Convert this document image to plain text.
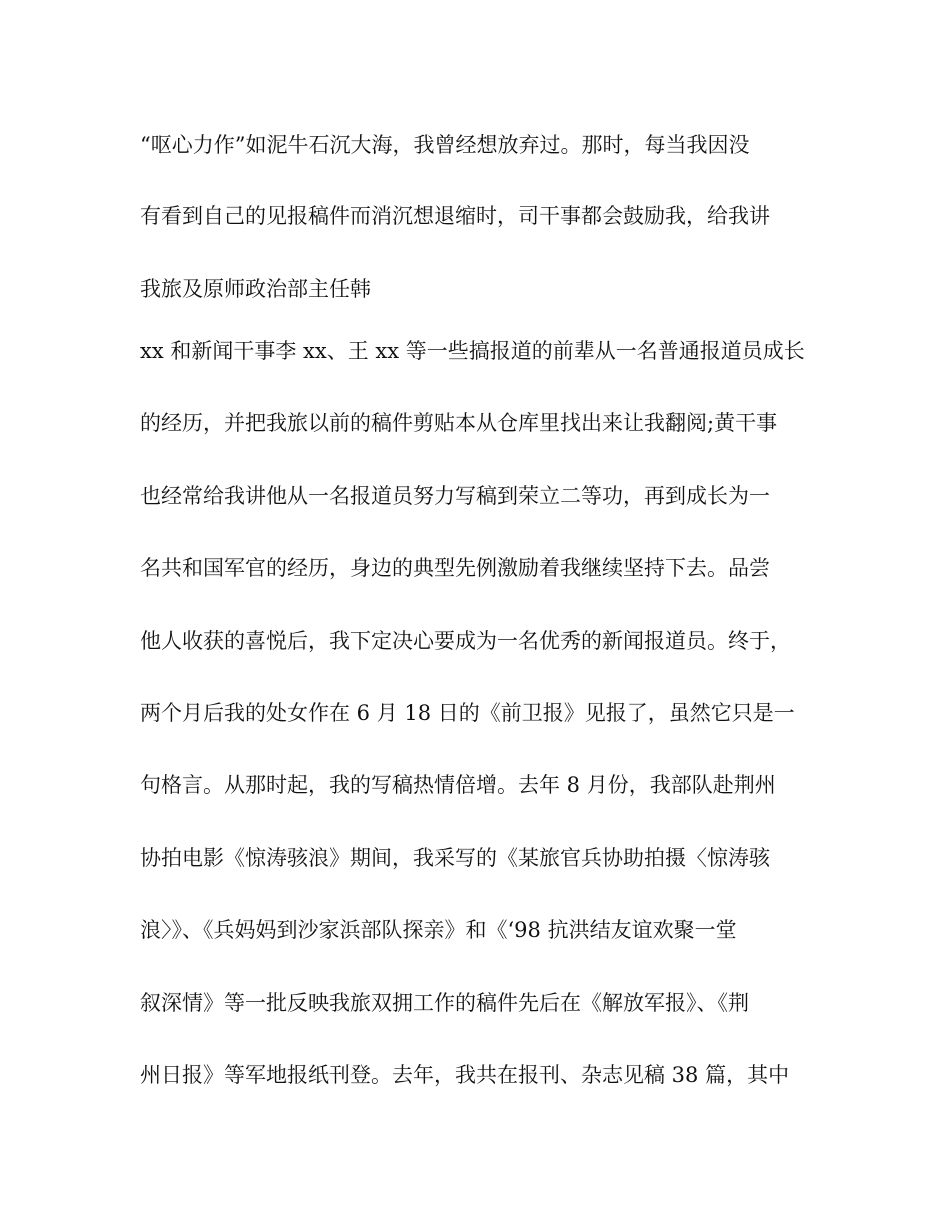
“呕心力作”如泥牛石沉大海，我曾经想放弃过。那时，每当我因没
有看到自己的见报稿件而消沉想退缩时，司干事都会鼓励我，给我讲
我旅及原师政治部主任韩
xx 和新闻干事李 xx、王 xx 等一些搞报道的前辈从一名普通报道员成长
的经历，并把我旅以前的稿件剪贴本从仓库里找出来让我翻阅;黄干事
也经常给我讲他从一名报道员努力写稿到荣立二等功，再到成长为一
名共和国军官的经历，身边的典型先例激励着我继续坚持下去。品尝
他人收获的喜悦后，我下定决心要成为一名优秀的新闻报道员。终于，
两个月后我的处女作在 6 月 18 日的《前卫报》见报了，虽然它只是一
句格言。从那时起，我的写稿热情倍增。去年 8 月份，我部队赴荆州
协拍电影《惊涛骇浪》期间，我采写的《某旅官兵协助拍摄〈惊涛骇
浪〉》、《兵妈妈到沙家浜部队探亲》和《‘98 抗洪结友谊欢聚一堂
叙深情》等一批反映我旅双拥工作的稿件先后在《解放军报》、《荆
州日报》等军地报纸刊登。去年，我共在报刊、杂志见稿 38 篇，其中
